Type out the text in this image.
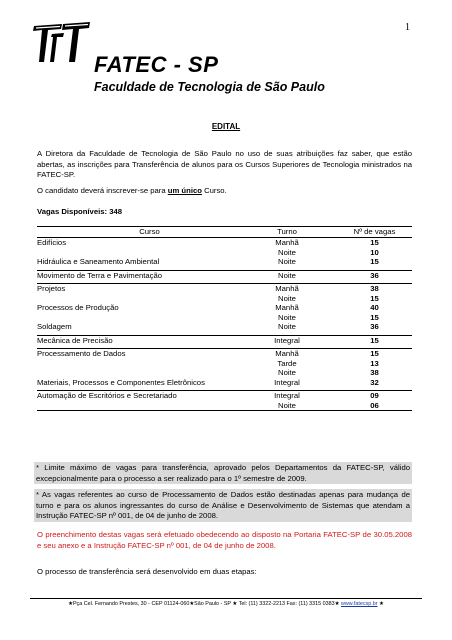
1
FATEC - SP
Faculdade de Tecnologia de São Paulo
EDITAL
A Diretora da Faculdade de Tecnologia de São Paulo no uso de suas atribuições faz saber, que estão abertas, as inscrições para Transferência de alunos para os Cursos Superiores de Tecnologia ministrados na FATEC-SP.
O candidato deverá inscrever-se para um único Curso.
Vagas Disponíveis: 348
Curso	Turno	Nº de vagas
Edifícios	Manhã	15
	Noite	10
Hidráulica e Saneamento Ambiental	Noite	15

Movimento de Terra e Pavimentação	Noite	36

Projetos	Manhã	38
	Noite	15
Processos de Produção	Manhã	40
	Noite	15
Soldagem	Noite	36

Mecânica de Precisão	Integral	15

Processamento de Dados	Manhã	15
	Tarde	13
	Noite	38
Materiais, Processos e Componentes Eletrônicos	Integral	32

Automação de Escritórios e Secretariado	Integral	09
	Noite	06
* Limite máximo de vagas para transferência, aprovado pelos Departamentos da FATEC-SP, válido excepcionalmente para o processo a ser realizado para o 1º semestre de 2009.
* As vagas referentes ao curso de Processamento de Dados estão destinadas apenas para mudança de turno e para os alunos ingressantes do curso de Análise e Desenvolvimento de Sistemas que atendam a Instrução FATEC-SP nº 001, de 04 de junho de 2008.
O preenchimento destas vagas será efetuado obedecendo ao disposto na Portaria FATEC-SP de 30.05.2008 e seu anexo e a Instrução FATEC-SP nº 001, de 04 de junho de 2008.
O processo de transferência será desenvolvido em duas etapas:
★Pça Cel. Fernando Prestes, 30 - CEP 01124-060★São Paulo - SP ★ Tel: (11) 3322-2213 Fax: (11) 3315 0383★ www.fatecsp.br ★
